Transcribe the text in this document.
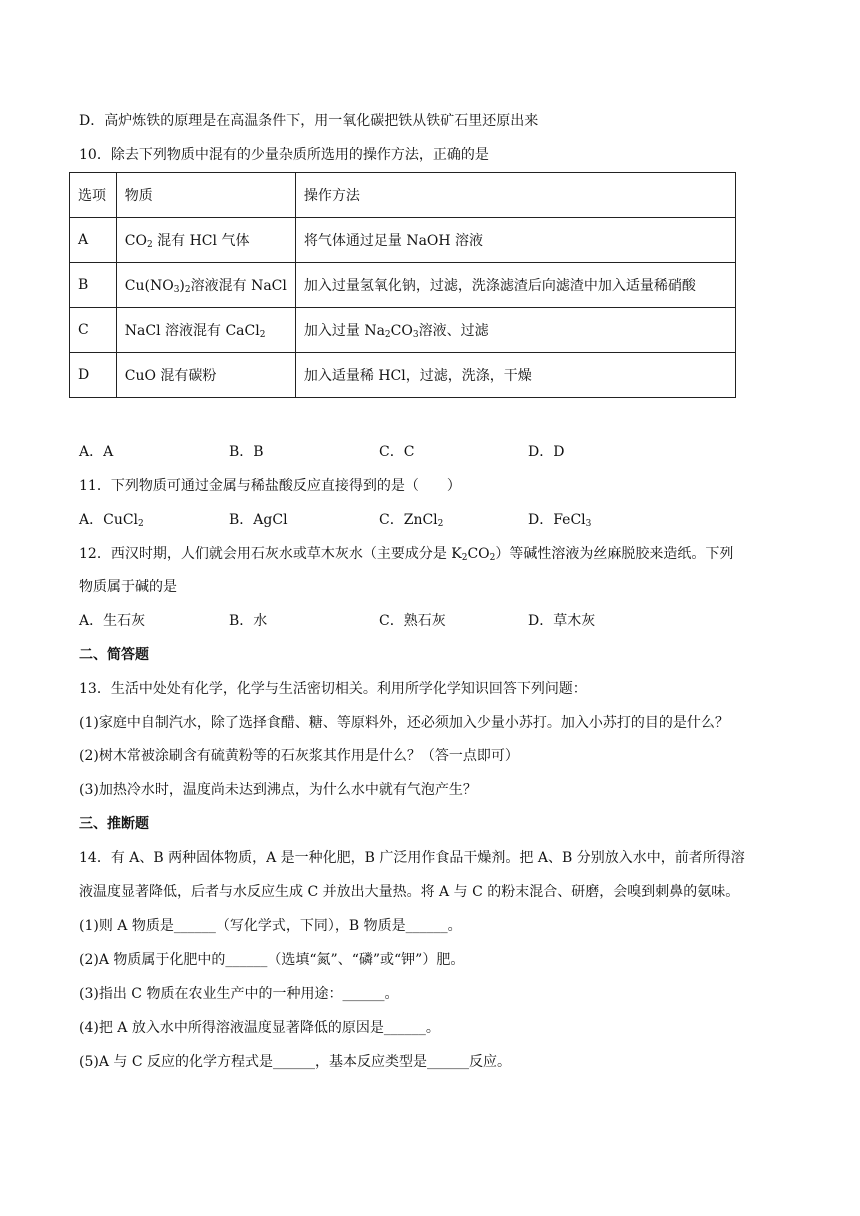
D．高炉炼铁的原理是在高温条件下，用一氧化碳把铁从铁矿石里还原出来
10．除去下列物质中混有的少量杂质所选用的操作方法，正确的是
选项	物质	操作方法
A	$CO_2$ 混有 HCl 气体	将气体通过足量 NaOH 溶液
B	$Cu(NO_3)_2$溶液混有 NaCl	加入过量氢氧化钠，过滤，洗涤滤渣后向滤渣中加入适量稀硝酸
C	NaCl 溶液混有 CaCl$_2$	加入过量 $Na_2CO_3$溶液、过滤
D	CuO 混有碳粉	加入适量稀 HCl，过滤，洗涤，干燥
A．A	B．B	C．C	D．D
11．下列物质可通过金属与稀盐酸反应直接得到的是（　　）
A．CuCl$_2$	B．AgCl	C．ZnCl$_2$	D．FeCl$_3$
12．西汉时期，人们就会用石灰水或草木灰水（主要成分是 $K_2CO_2$）等碱性溶液为丝麻脱胶来造纸。下列
物质属于碱的是
A．生石灰	B．水	C．熟石灰	D．草木灰
二、简答题
13．生活中处处有化学，化学与生活密切相关。利用所学化学知识回答下列问题：
(1)家庭中自制汽水，除了选择食醋、糖、等原料外，还必须加入少量小苏打。加入小苏打的目的是什么？
(2)树木常被涂刷含有硫黄粉等的石灰浆其作用是什么？（答一点即可）
(3)加热冷水时，温度尚未达到沸点，为什么水中就有气泡产生？
三、推断题
14．有 A、B 两种固体物质，A 是一种化肥，B 广泛用作食品干燥剂。把 A、B 分别放入水中，前者所得溶
液温度显著降低，后者与水反应生成 C 并放出大量热。将 A 与 C 的粉末混合、研磨，会嗅到刺鼻的氨味。
(1)则 A 物质是______（写化学式，下同），B 物质是______。
(2)A 物质属于化肥中的______（选填“氮”、“磷”或“钾”）肥。
(3)指出 C 物质在农业生产中的一种用途：______。
(4)把 A 放入水中所得溶液温度显著降低的原因是______。
(5)A 与 C 反应的化学方程式是______，基本反应类型是______反应。
